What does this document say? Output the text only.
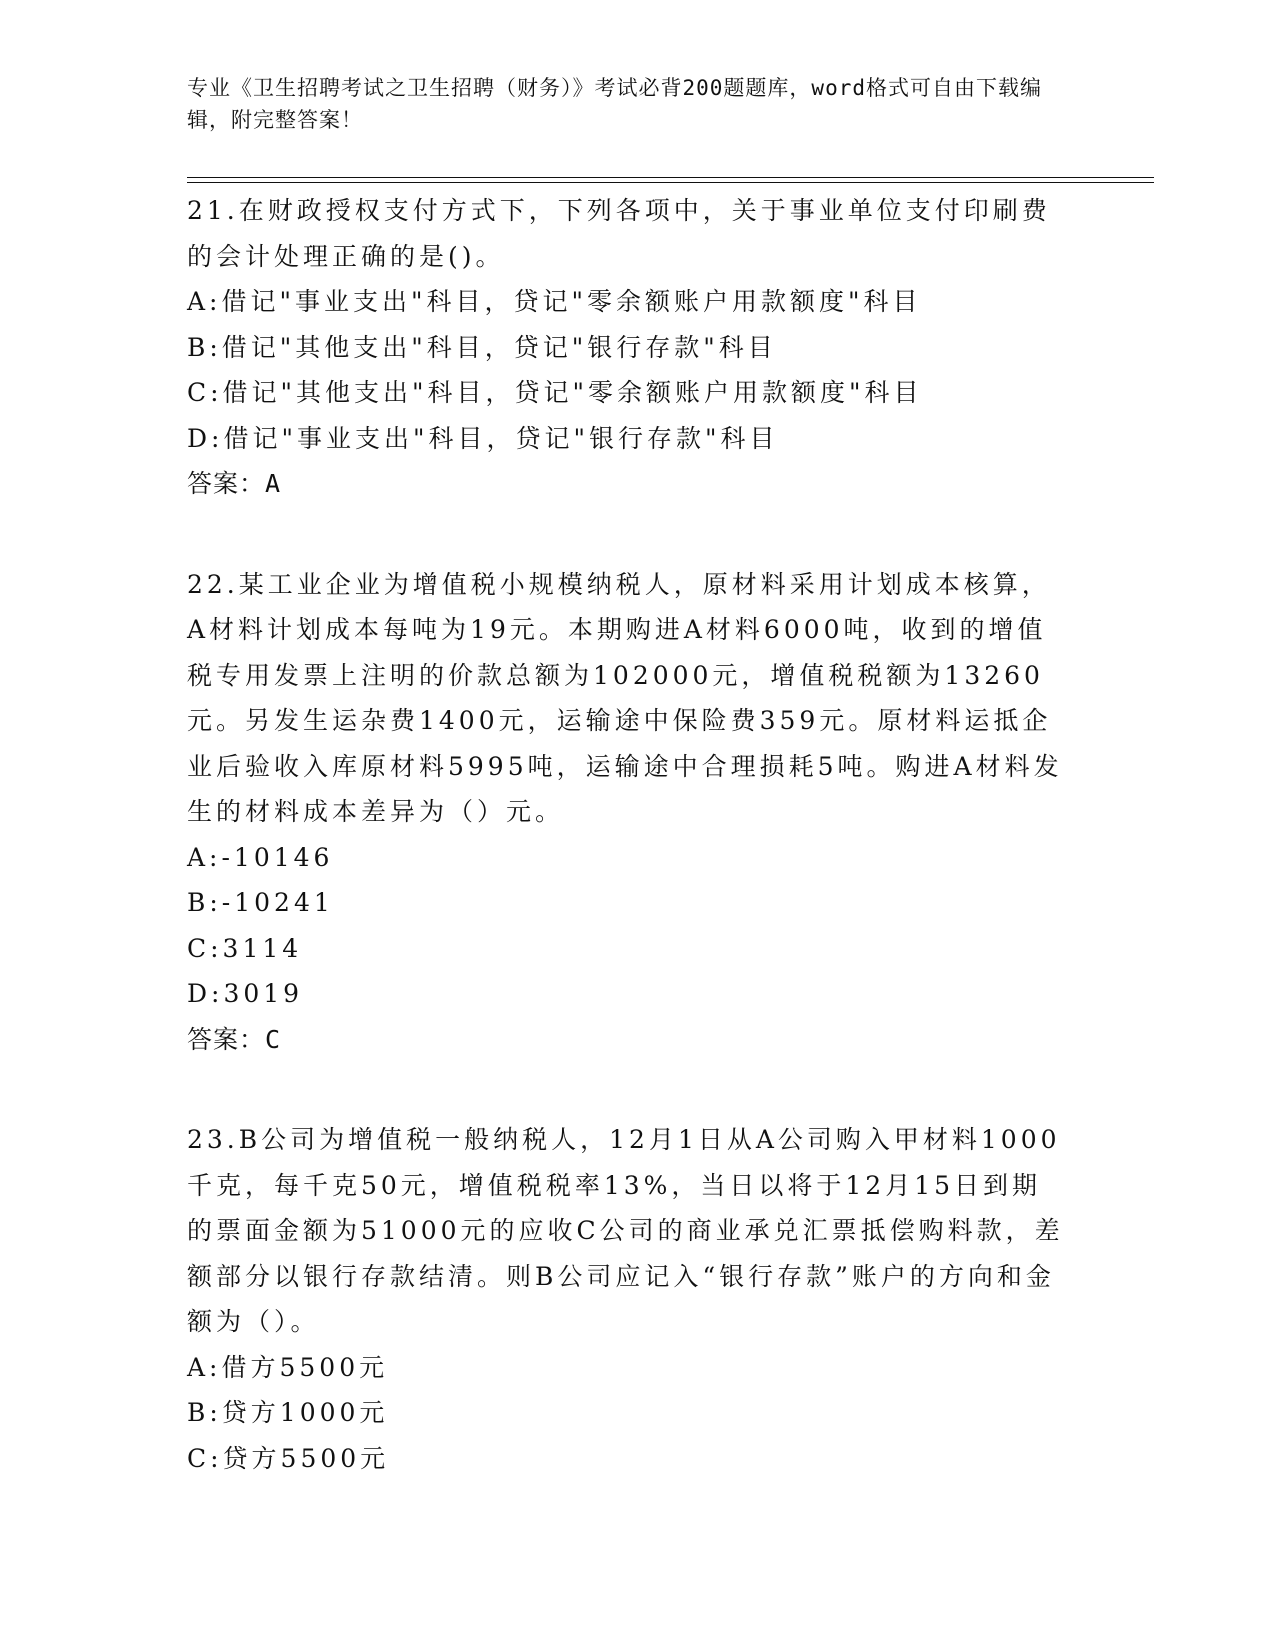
专业《卫生招聘考试之卫生招聘（财务）》考试必背200题题库，word格式可自由下载编辑，附完整答案！

21.在财政授权支付方式下，下列各项中，关于事业单位支付印刷费的会计处理正确的是()。

A:借记"事业支出"科目，贷记"零余额账户用款额度"科目

B:借记"其他支出"科目，贷记"银行存款"科目

C:借记"其他支出"科目，贷记"零余额账户用款额度"科目

D:借记"事业支出"科目，贷记"银行存款"科目

答案：A

22.某工业企业为增值税小规模纳税人，原材料采用计划成本核算，A材料计划成本每吨为19元。本期购进A材料6000吨，收到的增值税专用发票上注明的价款总额为102000元，增值税税额为13260元。另发生运杂费1400元，运输途中保险费359元。原材料运抵企业后验收入库原材料5995吨，运输途中合理损耗5吨。购进A材料发生的材料成本差异为（）元。

A:-10146

B:-10241

C:3114

D:3019

答案：C

23.B公司为增值税一般纳税人，12月1日从A公司购入甲材料1000千克，每千克50元，增值税税率13%，当日以将于12月15日到期的票面金额为51000元的应收C公司的商业承兑汇票抵偿购料款，差额部分以银行存款结清。则B公司应记入“银行存款”账户的方向和金额为（）。

A:借方5500元

B:贷方1000元

C:贷方5500元
